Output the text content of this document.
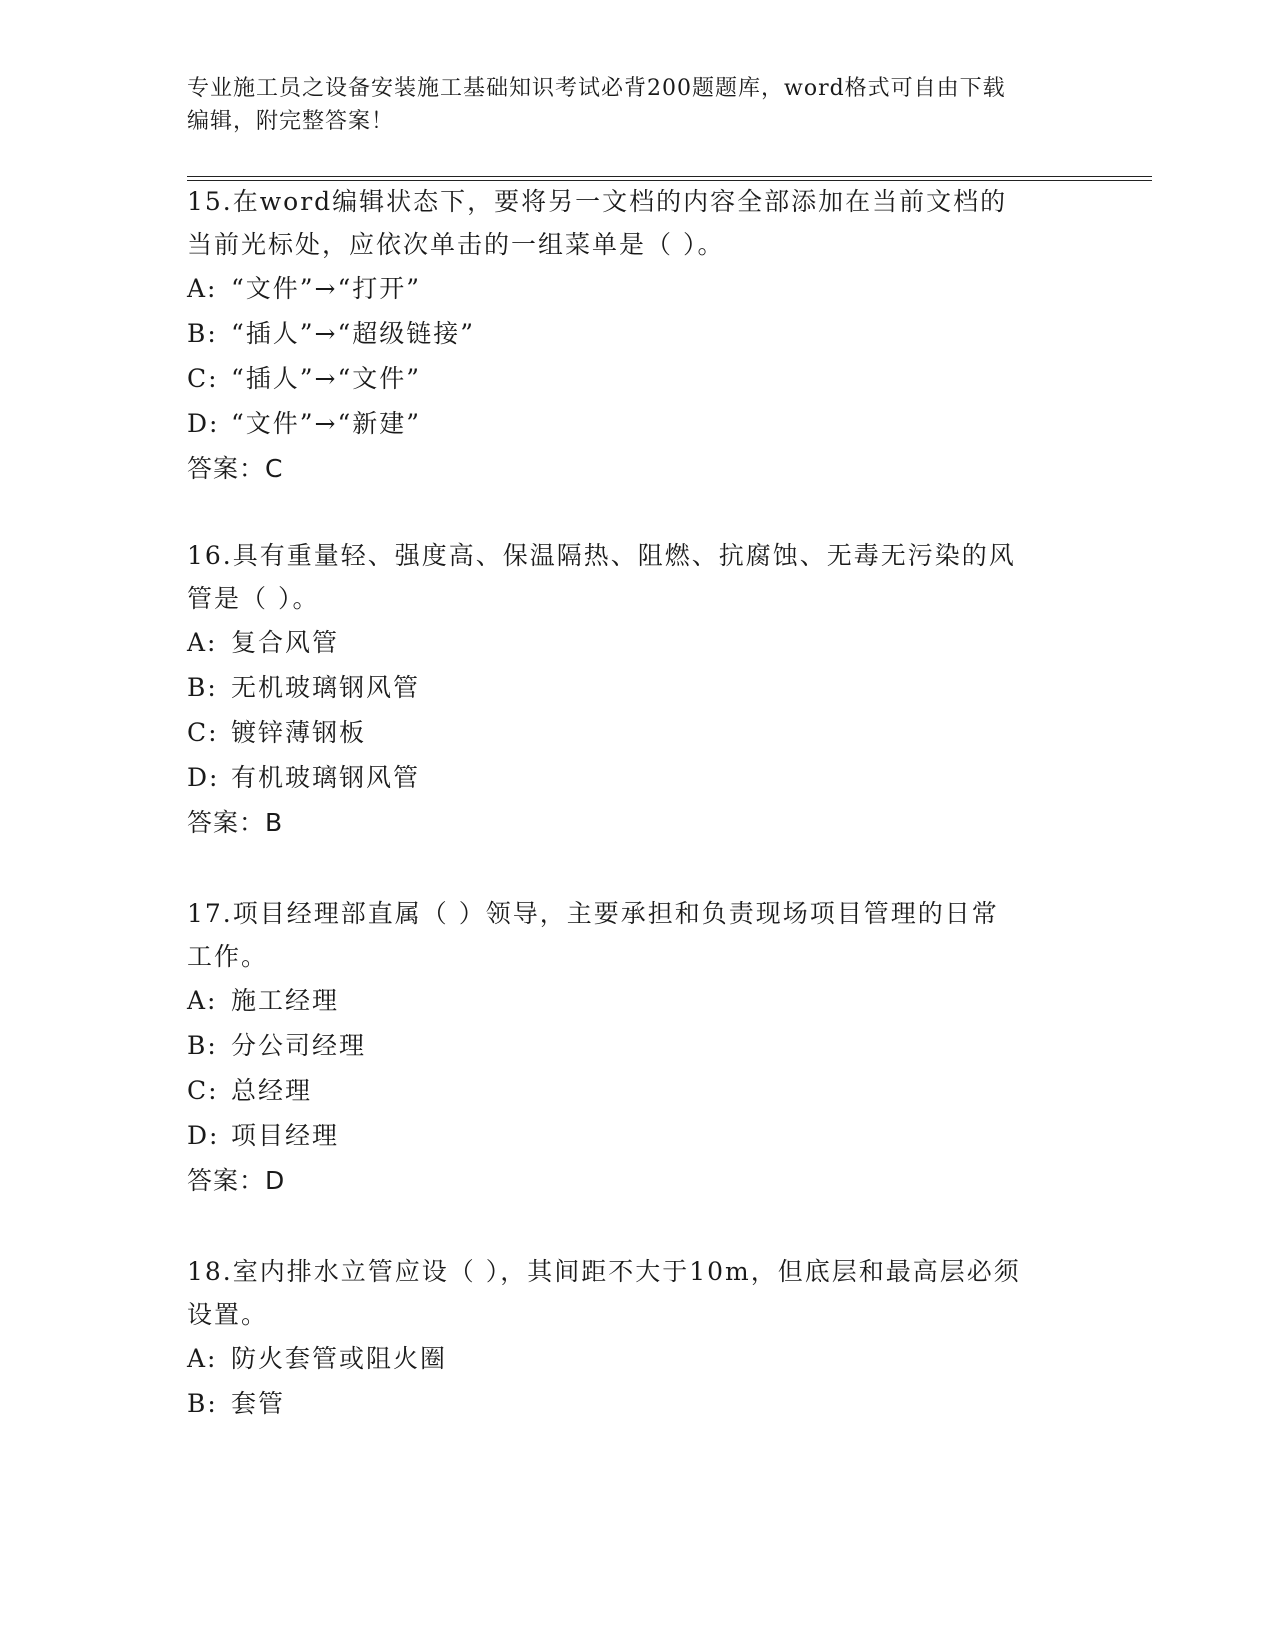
专业施工员之设备安装施工基础知识考试必背200题题库，word格式可自由下载
编辑，附完整答案！
15.在word编辑状态下，要将另一文档的内容全部添加在当前文档的
当前光标处，应依次单击的一组菜单是（ ）。
A: “文件”→“打开”
B: “插人”→“超级链接”
C: “插人”→“文件”
D: “文件”→“新建”
答案：C
16.具有重量轻、强度高、保温隔热、阻燃、抗腐蚀、无毒无污染的风
管是（ ）。
A: 复合风管
B: 无机玻璃钢风管
C: 镀锌薄钢板
D: 有机玻璃钢风管
答案：B
17.项目经理部直属（ ）领导，主要承担和负责现场项目管理的日常
工作。
A: 施工经理
B: 分公司经理
C: 总经理
D: 项目经理
答案：D
18.室内排水立管应设（ ），其间距不大于10m，但底层和最高层必须
设置。
A: 防火套管或阻火圈
B: 套管
